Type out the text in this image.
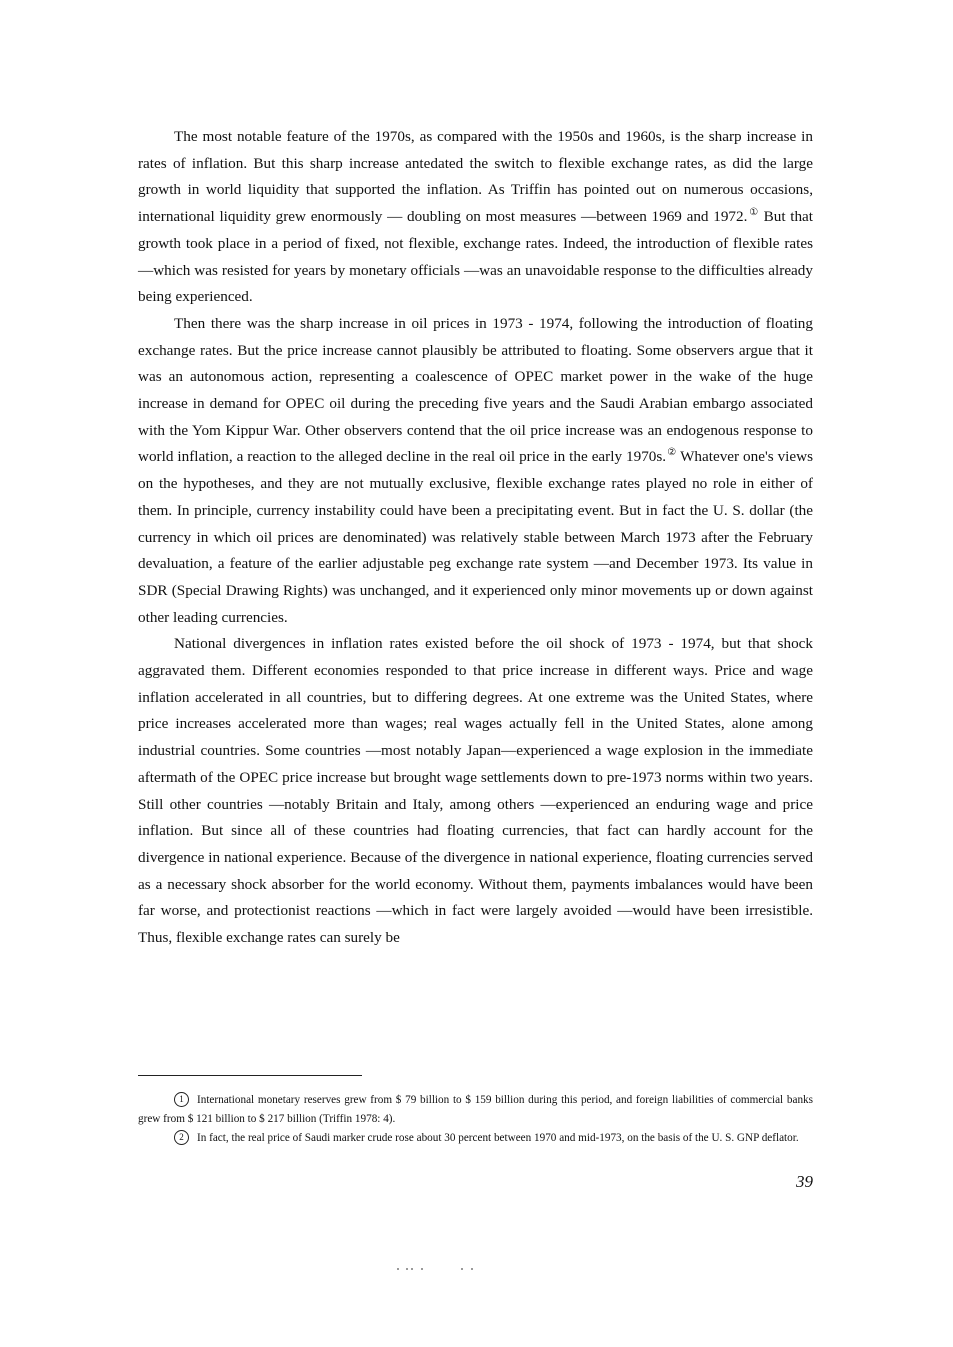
The most notable feature of the 1970s, as compared with the 1950s and 1960s, is the sharp increase in rates of inflation. But this sharp increase antedated the switch to flexible exchange rates, as did the large growth in world liquidity that supported the inflation. As Triffin has pointed out on numerous occasions, international liquidity grew enormously — doubling on most measures —between 1969 and 1972.① But that growth took place in a period of fixed, not flexible, exchange rates. Indeed, the introduction of flexible rates —which was resisted for years by monetary officials —was an unavoidable response to the difficulties already being experienced.

Then there was the sharp increase in oil prices in 1973 - 1974, following the introduction of floating exchange rates. But the price increase cannot plausibly be attributed to floating. Some observers argue that it was an autonomous action, representing a coalescence of OPEC market power in the wake of the huge increase in demand for OPEC oil during the preceding five years and the Saudi Arabian embargo associated with the Yom Kippur War. Other observers contend that the oil price increase was an endogenous response to world inflation, a reaction to the alleged decline in the real oil price in the early 1970s.② Whatever one's views on the hypotheses, and they are not mutually exclusive, flexible exchange rates played no role in either of them. In principle, currency instability could have been a precipitating event. But in fact the U. S. dollar (the currency in which oil prices are denominated) was relatively stable between March 1973 after the February devaluation, a feature of the earlier adjustable peg exchange rate system —and December 1973. Its value in SDR (Special Drawing Rights) was unchanged, and it experienced only minor movements up or down against other leading currencies.

National divergences in inflation rates existed before the oil shock of 1973 - 1974, but that shock aggravated them. Different economies responded to that price increase in different ways. Price and wage inflation accelerated in all countries, but to differing degrees. At one extreme was the United States, where price increases accelerated more than wages; real wages actually fell in the United States, alone among industrial countries. Some countries —most notably Japan—experienced a wage explosion in the immediate aftermath of the OPEC price increase but brought wage settlements down to pre-1973 norms within two years. Still other countries —notably Britain and Italy, among others —experienced an enduring wage and price inflation. But since all of these countries had floating currencies, that fact can hardly account for the divergence in national experience. Because of the divergence in national experience, floating currencies served as a necessary shock absorber for the world economy. Without them, payments imbalances would have been far worse, and protectionist reactions —which in fact were largely avoided —would have been irresistible. Thus, flexible exchange rates can surely be

1 International monetary reserves grew from $ 79 billion to $ 159 billion during this period, and foreign liabilities of commercial banks grew from $ 121 billion to $ 217 billion (Triffin 1978: 4).

2 In fact, the real price of Saudi marker crude rose about 30 percent between 1970 and mid-1973, on the basis of the U. S. GNP deflator.

39
